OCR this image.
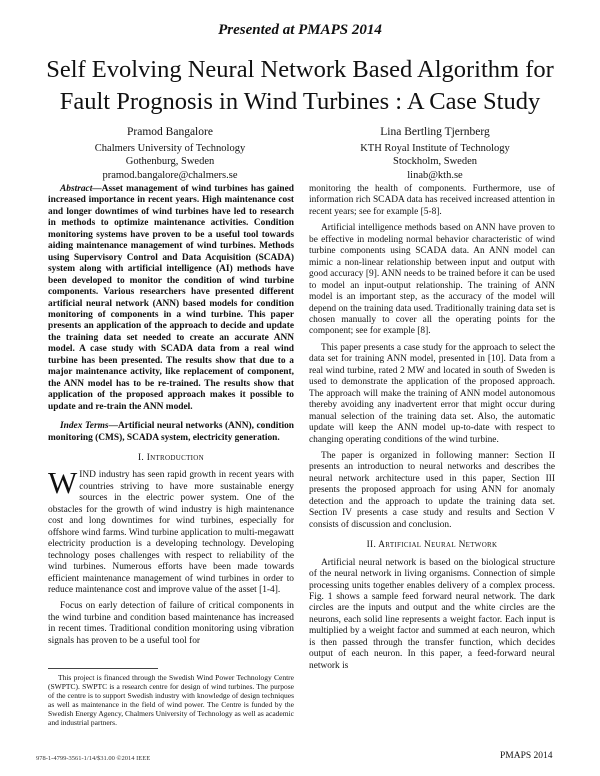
Presented at PMAPS 2014
Self Evolving Neural Network Based Algorithm for Fault Prognosis in Wind Turbines : A Case Study
Pramod Bangalore
Chalmers University of Technology
Gothenburg, Sweden
pramod.bangalore@chalmers.se
Lina Bertling Tjernberg
KTH Royal Institute of Technology
Stockholm, Sweden
linab@kth.se

Abstract—Asset management of wind turbines has gained increased importance in recent years. High maintenance cost and longer downtimes of wind turbines have led to research in methods to optimize maintenance activities. Condition monitoring systems have proven to be a useful tool towards aiding maintenance management of wind turbines. Methods using Supervisory Control and Data Acquisition (SCADA) system along with artificial intelligence (AI) methods have been developed to monitor the condition of wind turbine components. Various researchers have presented different artificial neural network (ANN) based models for condition monitoring of components in a wind turbine. This paper presents an application of the approach to decide and update the training data set needed to create an accurate ANN model. A case study with SCADA data from a real wind turbine has been presented. The results show that due to a major maintenance activity, like replacement of component, the ANN model has to be re-trained. The results show that application of the proposed approach makes it possible to update and re-train the ANN model.

Index Terms—Artificial neural networks (ANN), condition monitoring (CMS), SCADA system, electricity generation.

I. Introduction

WIND industry has seen rapid growth in recent years with countries striving to have more sustainable energy sources in the electric power system. One of the obstacles for the growth of wind industry is high maintenance cost and long downtimes for wind turbines, especially for offshore wind farms. Wind turbine application to multi-megawatt electricity production is a developing technology. Developing technology poses challenges with respect to reliability of the wind turbines. Numerous efforts have been made towards efficient maintenance management of wind turbines in order to reduce maintenance cost and improve value of the asset [1-4].

Focus on early detection of failure of critical components in the wind turbine and condition based maintenance has increased in recent times. Traditional condition monitoring using vibration signals has proven to be a useful tool for

monitoring the health of components. Furthermore, use of information rich SCADA data has received increased attention in recent years; see for example [5-8].

Artificial intelligence methods based on ANN have proven to be effective in modeling normal behavior characteristic of wind turbine components using SCADA data. An ANN model can mimic a non-linear relationship between input and output with good accuracy [9]. ANN needs to be trained before it can be used to model an input-output relationship. The training of ANN model is an important step, as the accuracy of the model will depend on the training data used. Traditionally training data set is chosen manually to cover all the operating points for the component; see for example [8].

This paper presents a case study for the approach to select the data set for training ANN model, presented in [10]. Data from a real wind turbine, rated 2 MW and located in south of Sweden is used to demonstrate the application of the proposed approach. The approach will make the training of ANN model autonomous thereby avoiding any inadvertent error that might occur during manual selection of the training data set. Also, the automatic update will keep the ANN model up-to-date with respect to changing operating conditions of the wind turbine.

The paper is organized in following manner: Section II presents an introduction to neural networks and describes the neural network architecture used in this paper, Section III presents the proposed approach for using ANN for anomaly detection and the approach to update the training data set. Section IV presents a case study and results and Section V consists of discussion and conclusion.

II. Artificial Neural Network

Artificial neural network is based on the biological structure of the neural network in living organisms. Connection of simple processing units together enables delivery of a complex process. Fig. 1 shows a sample feed forward neural network. The dark circles are the inputs and output and the white circles are the neurons, each solid line represents a weight factor. Each input is multiplied by a weight factor and summed at each neuron, which is then passed through the transfer function, which decides output of each neuron. In this paper, a feed-forward neural network is

This project is financed through the Swedish Wind Power Technology Centre (SWPTC). SWPTC is a research centre for design of wind turbines. The purpose of the centre is to support Swedish industry with knowledge of design techniques as well as maintenance in the field of wind power. The Centre is funded by the Swedish Energy Agency, Chalmers University of Technology as well as academic and industrial partners.

978-1-4799-3561-1/14/$31.00 ©2014 IEEE	PMAPS 2014
